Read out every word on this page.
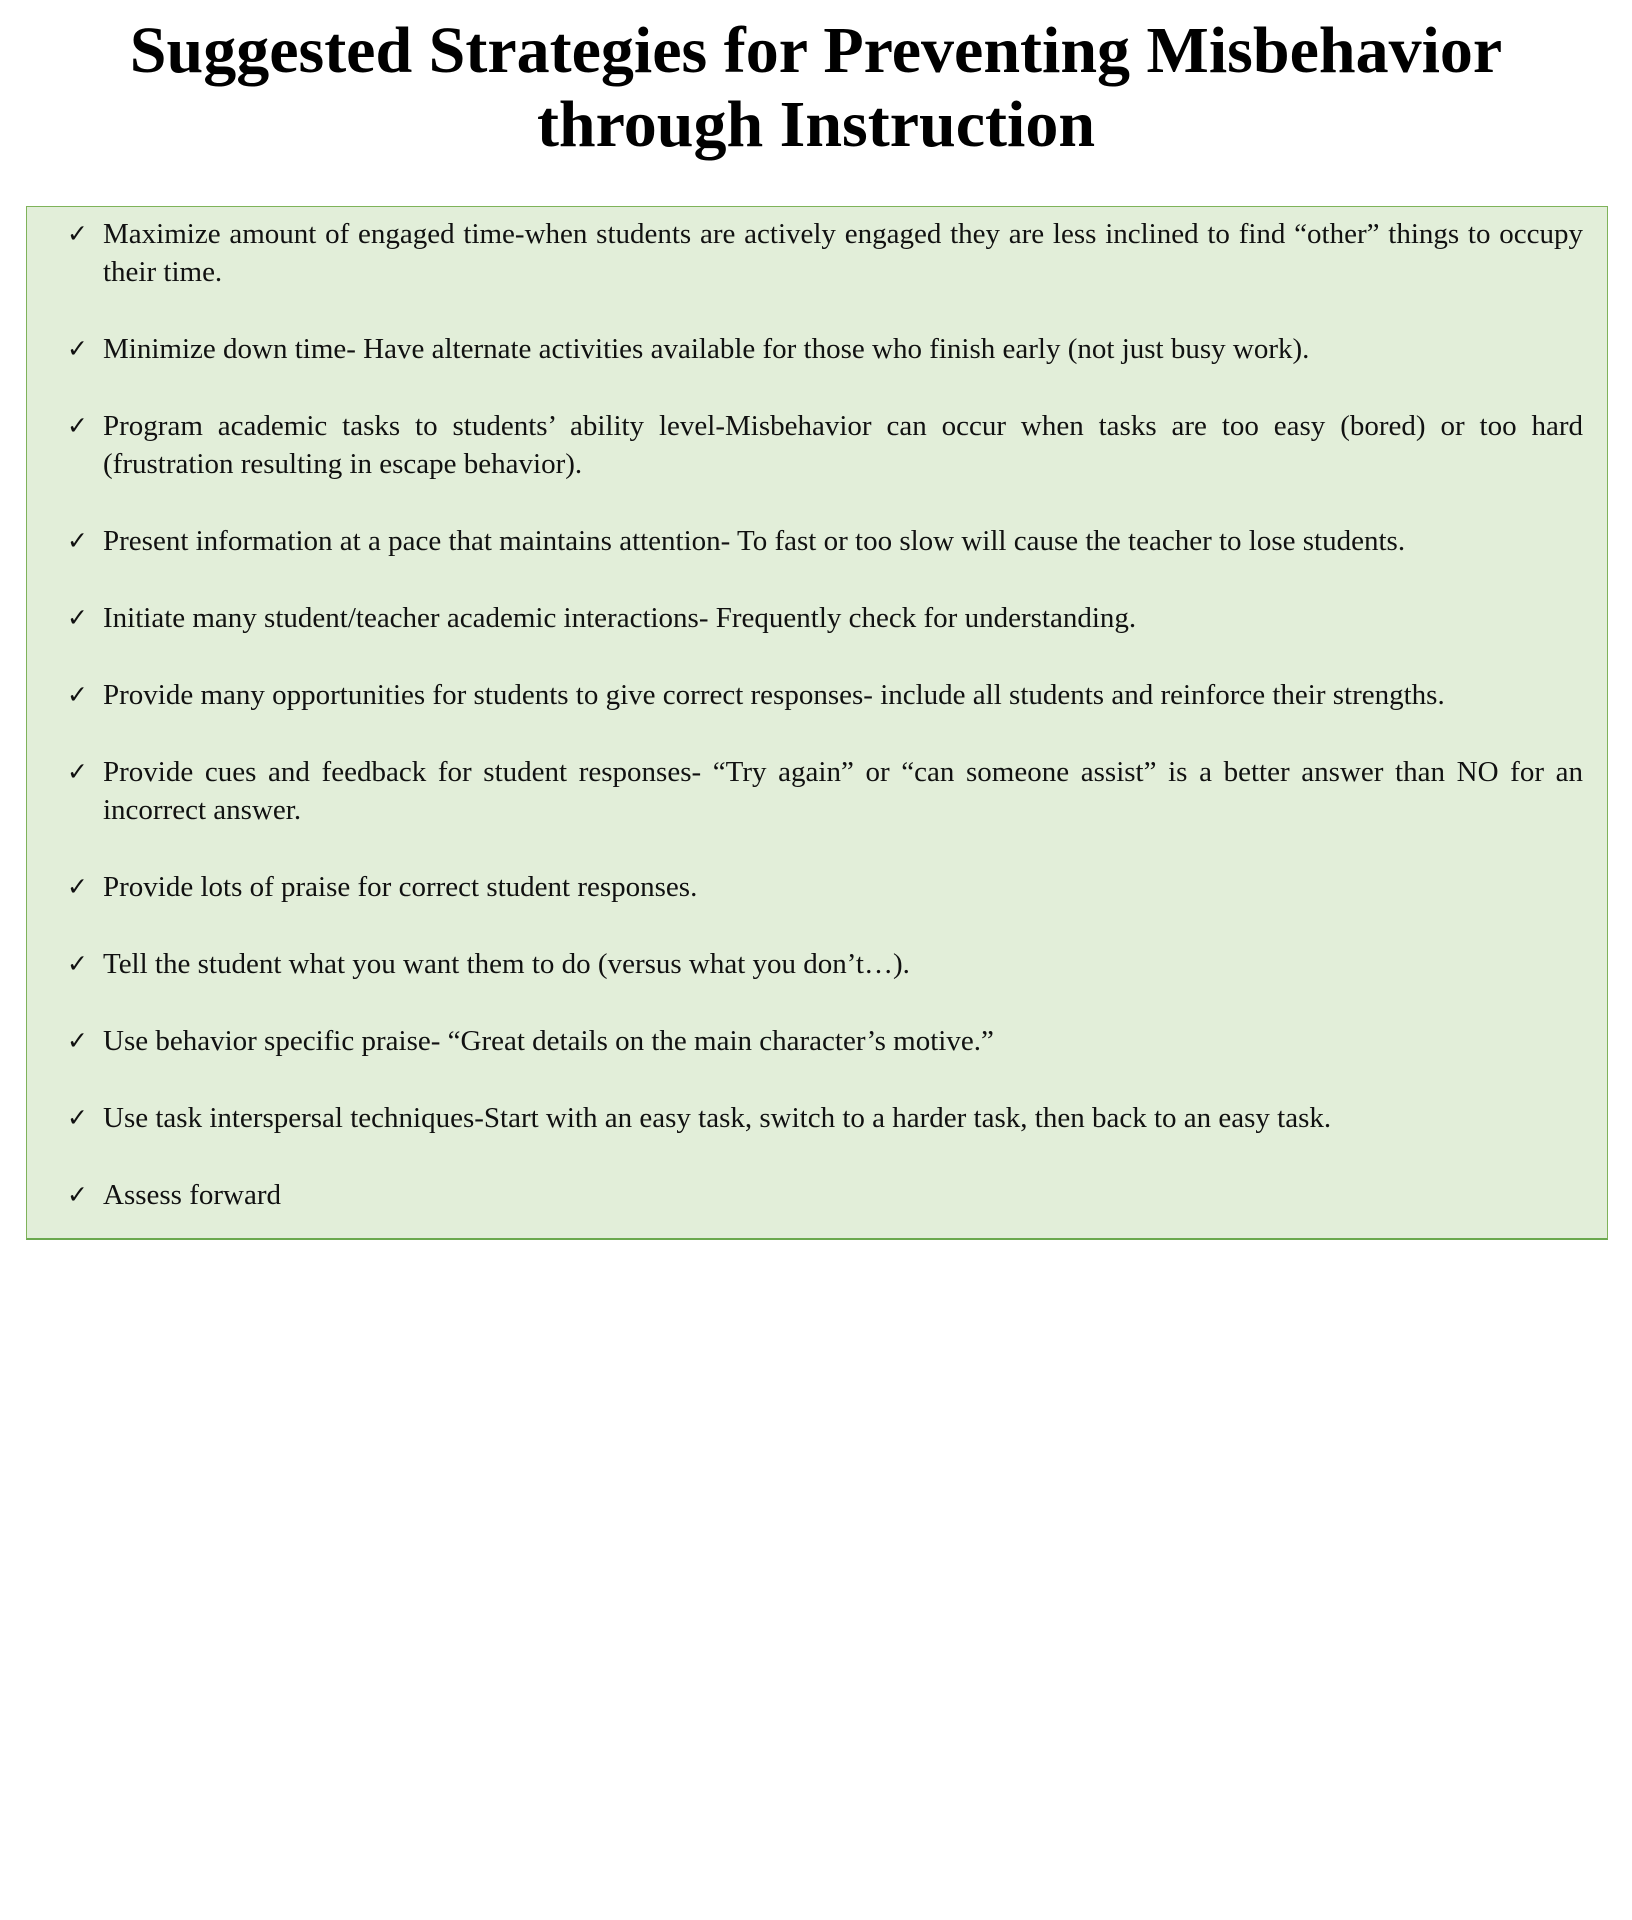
Suggested Strategies for Preventing Misbehavior
through Instruction
✓ Maximize amount of engaged time-when students are actively engaged they are less inclined to find “other” things to occupy their time.
✓ Minimize down time- Have alternate activities available for those who finish early (not just busy work).
✓ Program academic tasks to students’ ability level-Misbehavior can occur when tasks are too easy (bored) or too hard (frustration resulting in escape behavior).
✓ Present information at a pace that maintains attention- To fast or too slow will cause the teacher to lose students.
✓ Initiate many student/teacher academic interactions- Frequently check for understanding.
✓ Provide many opportunities for students to give correct responses- include all students and reinforce their strengths.
✓ Provide cues and feedback for student responses- “Try again” or “can someone assist” is a better answer than NO for an incorrect answer.
✓ Provide lots of praise for correct student responses.
✓ Tell the student what you want them to do (versus what you don’t…).
✓ Use behavior specific praise- “Great details on the main character’s motive.”
✓ Use task interspersal techniques-Start with an easy task, switch to a harder task, then back to an easy task.
✓ Assess forward
